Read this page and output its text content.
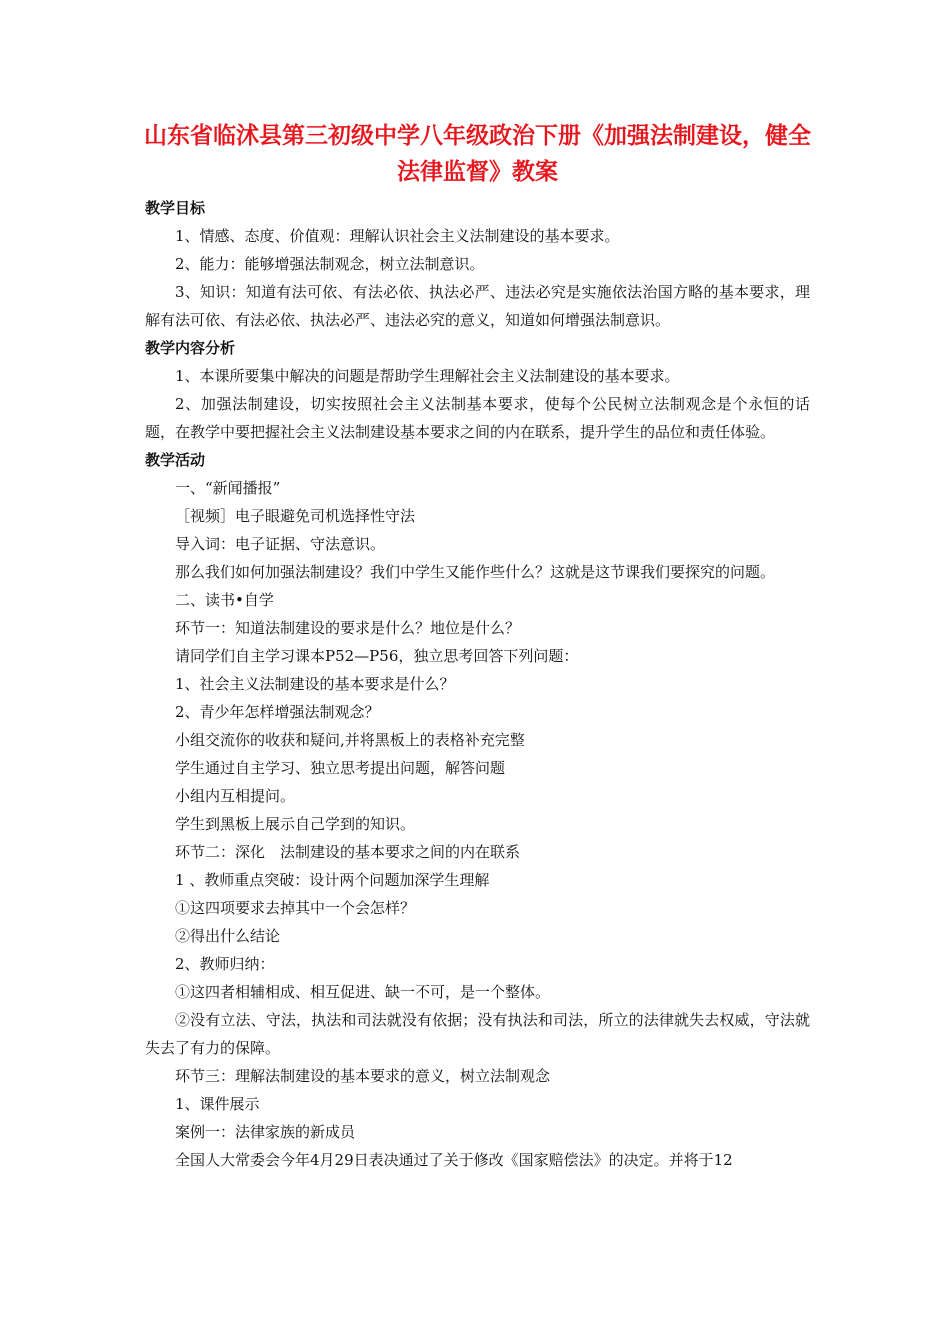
山东省临沭县第三初级中学八年级政治下册《加强法制建设，健全法律监督》教案
教学目标

1、情感、态度、价值观：理解认识社会主义法制建设的基本要求。

2、能力：能够增强法制观念，树立法制意识。

3、知识：知道有法可依、有法必依、执法必严、违法必究是实施依法治国方略的基本要求，理解有法可依、有法必依、执法必严、违法必究的意义，知道如何增强法制意识。

教学内容分析

1、本课所要集中解决的问题是帮助学生理解社会主义法制建设的基本要求。

2、加强法制建设，切实按照社会主义法制基本要求，使每个公民树立法制观念是个永恒的话题，在教学中要把握社会主义法制建设基本要求之间的内在联系，提升学生的品位和责任体验。

教学活动

一、“新闻播报”

［视频］电子眼避免司机选择性守法

导入词：电子证据、守法意识。

那么我们如何加强法制建设？我们中学生又能作些什么？这就是这节课我们要探究的问题。

二、读书•自学

环节一：知道法制建设的要求是什么？地位是什么？

请同学们自主学习课本P52—P56，独立思考回答下列问题：

1、社会主义法制建设的基本要求是什么？

2、青少年怎样增强法制观念？

小组交流你的收获和疑问,并将黑板上的表格补充完整

学生通过自主学习、独立思考提出问题，解答问题

小组内互相提问。

学生到黑板上展示自己学到的知识。

环节二：深化　法制建设的基本要求之间的内在联系

1 、教师重点突破：设计两个问题加深学生理解

①这四项要求去掉其中一个会怎样？

②得出什么结论

2、教师归纳：

①这四者相辅相成、相互促进、缺一不可，是一个整体。

②没有立法、守法，执法和司法就没有依据；没有执法和司法，所立的法律就失去权威，守法就失去了有力的保障。

环节三：理解法制建设的基本要求的意义，树立法制观念

1、课件展示

案例一：法律家族的新成员

全国人大常委会今年4月29日表决通过了关于修改《国家赔偿法》的决定。并将于12
